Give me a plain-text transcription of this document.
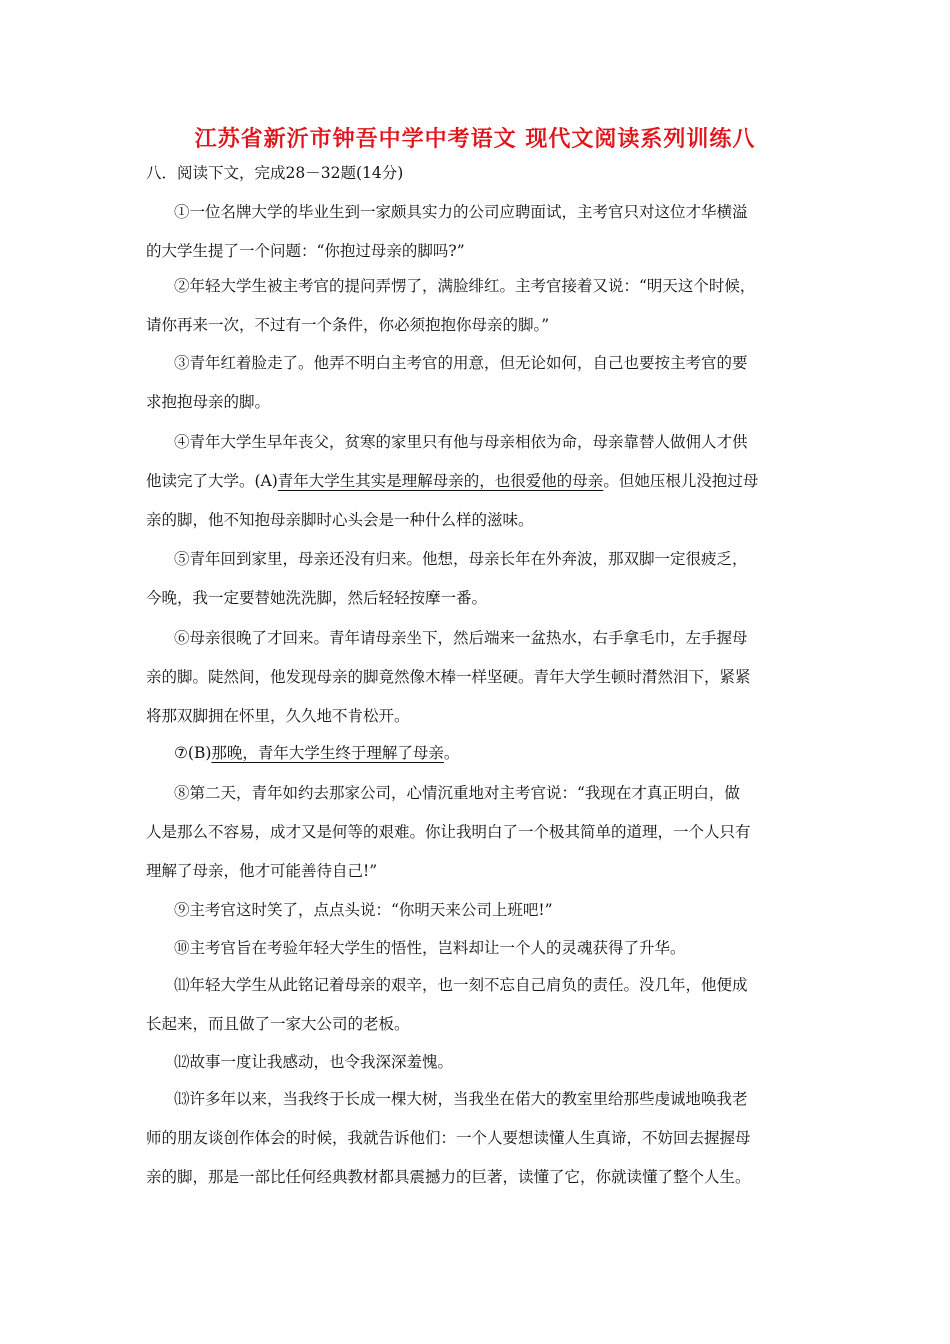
江苏省新沂市钟吾中学中考语文 现代文阅读系列训练八
八．阅读下文，完成28－32题(14分)
①一位名牌大学的毕业生到一家颇具实力的公司应聘面试，主考官只对这位才华横溢
的大学生提了一个问题：“你抱过母亲的脚吗?”
②年轻大学生被主考官的提问弄愣了，满脸绯红。主考官接着又说：“明天这个时候，
请你再来一次，不过有一个条件，你必须抱抱你母亲的脚。”
③青年红着脸走了。他弄不明白主考官的用意，但无论如何，自己也要按主考官的要
求抱抱母亲的脚。
④青年大学生早年丧父，贫寒的家里只有他与母亲相依为命，母亲靠替人做佣人才供
他读完了大学。(A)青年大学生其实是理解母亲的，也很爱他的母亲。但她压根儿没抱过母
亲的脚，他不知抱母亲脚时心头会是一种什么样的滋味。
⑤青年回到家里，母亲还没有归来。他想，母亲长年在外奔波，那双脚一定很疲乏，
今晚，我一定要替她洗洗脚，然后轻轻按摩一番。
⑥母亲很晚了才回来。青年请母亲坐下，然后端来一盆热水，右手拿毛巾，左手握母
亲的脚。陡然间，他发现母亲的脚竟然像木棒一样坚硬。青年大学生顿时潸然泪下，紧紧
将那双脚拥在怀里，久久地不肯松开。
⑦(B)那晚，青年大学生终于理解了母亲。
⑧第二天，青年如约去那家公司，心情沉重地对主考官说：“我现在才真正明白，做
人是那么不容易，成才又是何等的艰难。你让我明白了一个极其简单的道理，一个人只有
理解了母亲，他才可能善待自己!”
⑨主考官这时笑了，点点头说：“你明天来公司上班吧!”
⑩主考官旨在考验年轻大学生的悟性，岂料却让一个人的灵魂获得了升华。
⑾年轻大学生从此铭记着母亲的艰辛，也一刻不忘自己肩负的责任。没几年，他便成
长起来，而且做了一家大公司的老板。
⑿故事一度让我感动，也令我深深羞愧。
⒀许多年以来，当我终于长成一棵大树，当我坐在偌大的教室里给那些虔诚地唤我老
师的朋友谈创作体会的时候，我就告诉他们：一个人要想读懂人生真谛，不妨回去握握母
亲的脚，那是一部比任何经典教材都具震撼力的巨著，读懂了它，你就读懂了整个人生。
